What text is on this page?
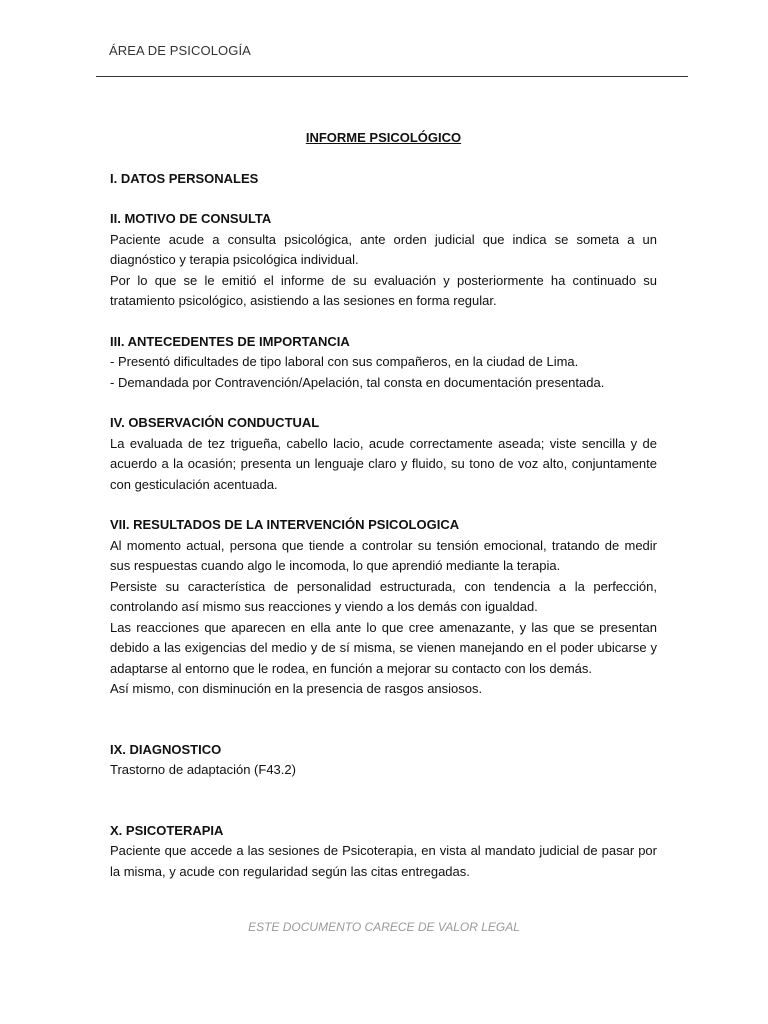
ÁREA DE PSICOLOGÍA

INFORME PSICOLÓGICO

I. DATOS PERSONALES

II. MOTIVO DE CONSULTA

Paciente acude a consulta psicológica, ante orden judicial que indica se someta a un diagnóstico y terapia psicológica individual.

Por lo que se le emitió el informe de su evaluación y posteriormente ha continuado su tratamiento psicológico, asistiendo a las sesiones en forma regular.

III. ANTECEDENTES DE IMPORTANCIA

- Presentó dificultades de tipo laboral con sus compañeros, en la ciudad de Lima.
- Demandada por Contravención/Apelación, tal consta en documentación presentada.

IV. OBSERVACIÓN CONDUCTUAL

La evaluada de tez trigueña, cabello lacio, acude correctamente aseada; viste sencilla y de acuerdo a la ocasión; presenta un lenguaje claro y fluido, su tono de voz alto, conjuntamente con gesticulación acentuada.

VII. RESULTADOS DE LA INTERVENCIÓN PSICOLOGICA

Al momento actual, persona que tiende a controlar su tensión emocional, tratando de medir sus respuestas cuando algo le incomoda, lo que aprendió mediante la terapia.

Persiste su característica de personalidad estructurada, con tendencia a la perfección, controlando así mismo sus reacciones y viendo a los demás con igualdad.

Las reacciones que aparecen en ella ante lo que cree amenazante, y las que se presentan debido a las exigencias del medio y de sí misma, se vienen manejando en el poder ubicarse y adaptarse al entorno que le rodea, en función a mejorar su contacto con los demás.

Así mismo, con disminución en la presencia de rasgos ansiosos.

IX. DIAGNOSTICO

Trastorno de adaptación (F43.2)

X. PSICOTERAPIA

Paciente que accede a las sesiones de Psicoterapia, en vista al mandato judicial de pasar por la misma, y acude con regularidad según las citas entregadas.

ESTE DOCUMENTO CARECE DE VALOR LEGAL
